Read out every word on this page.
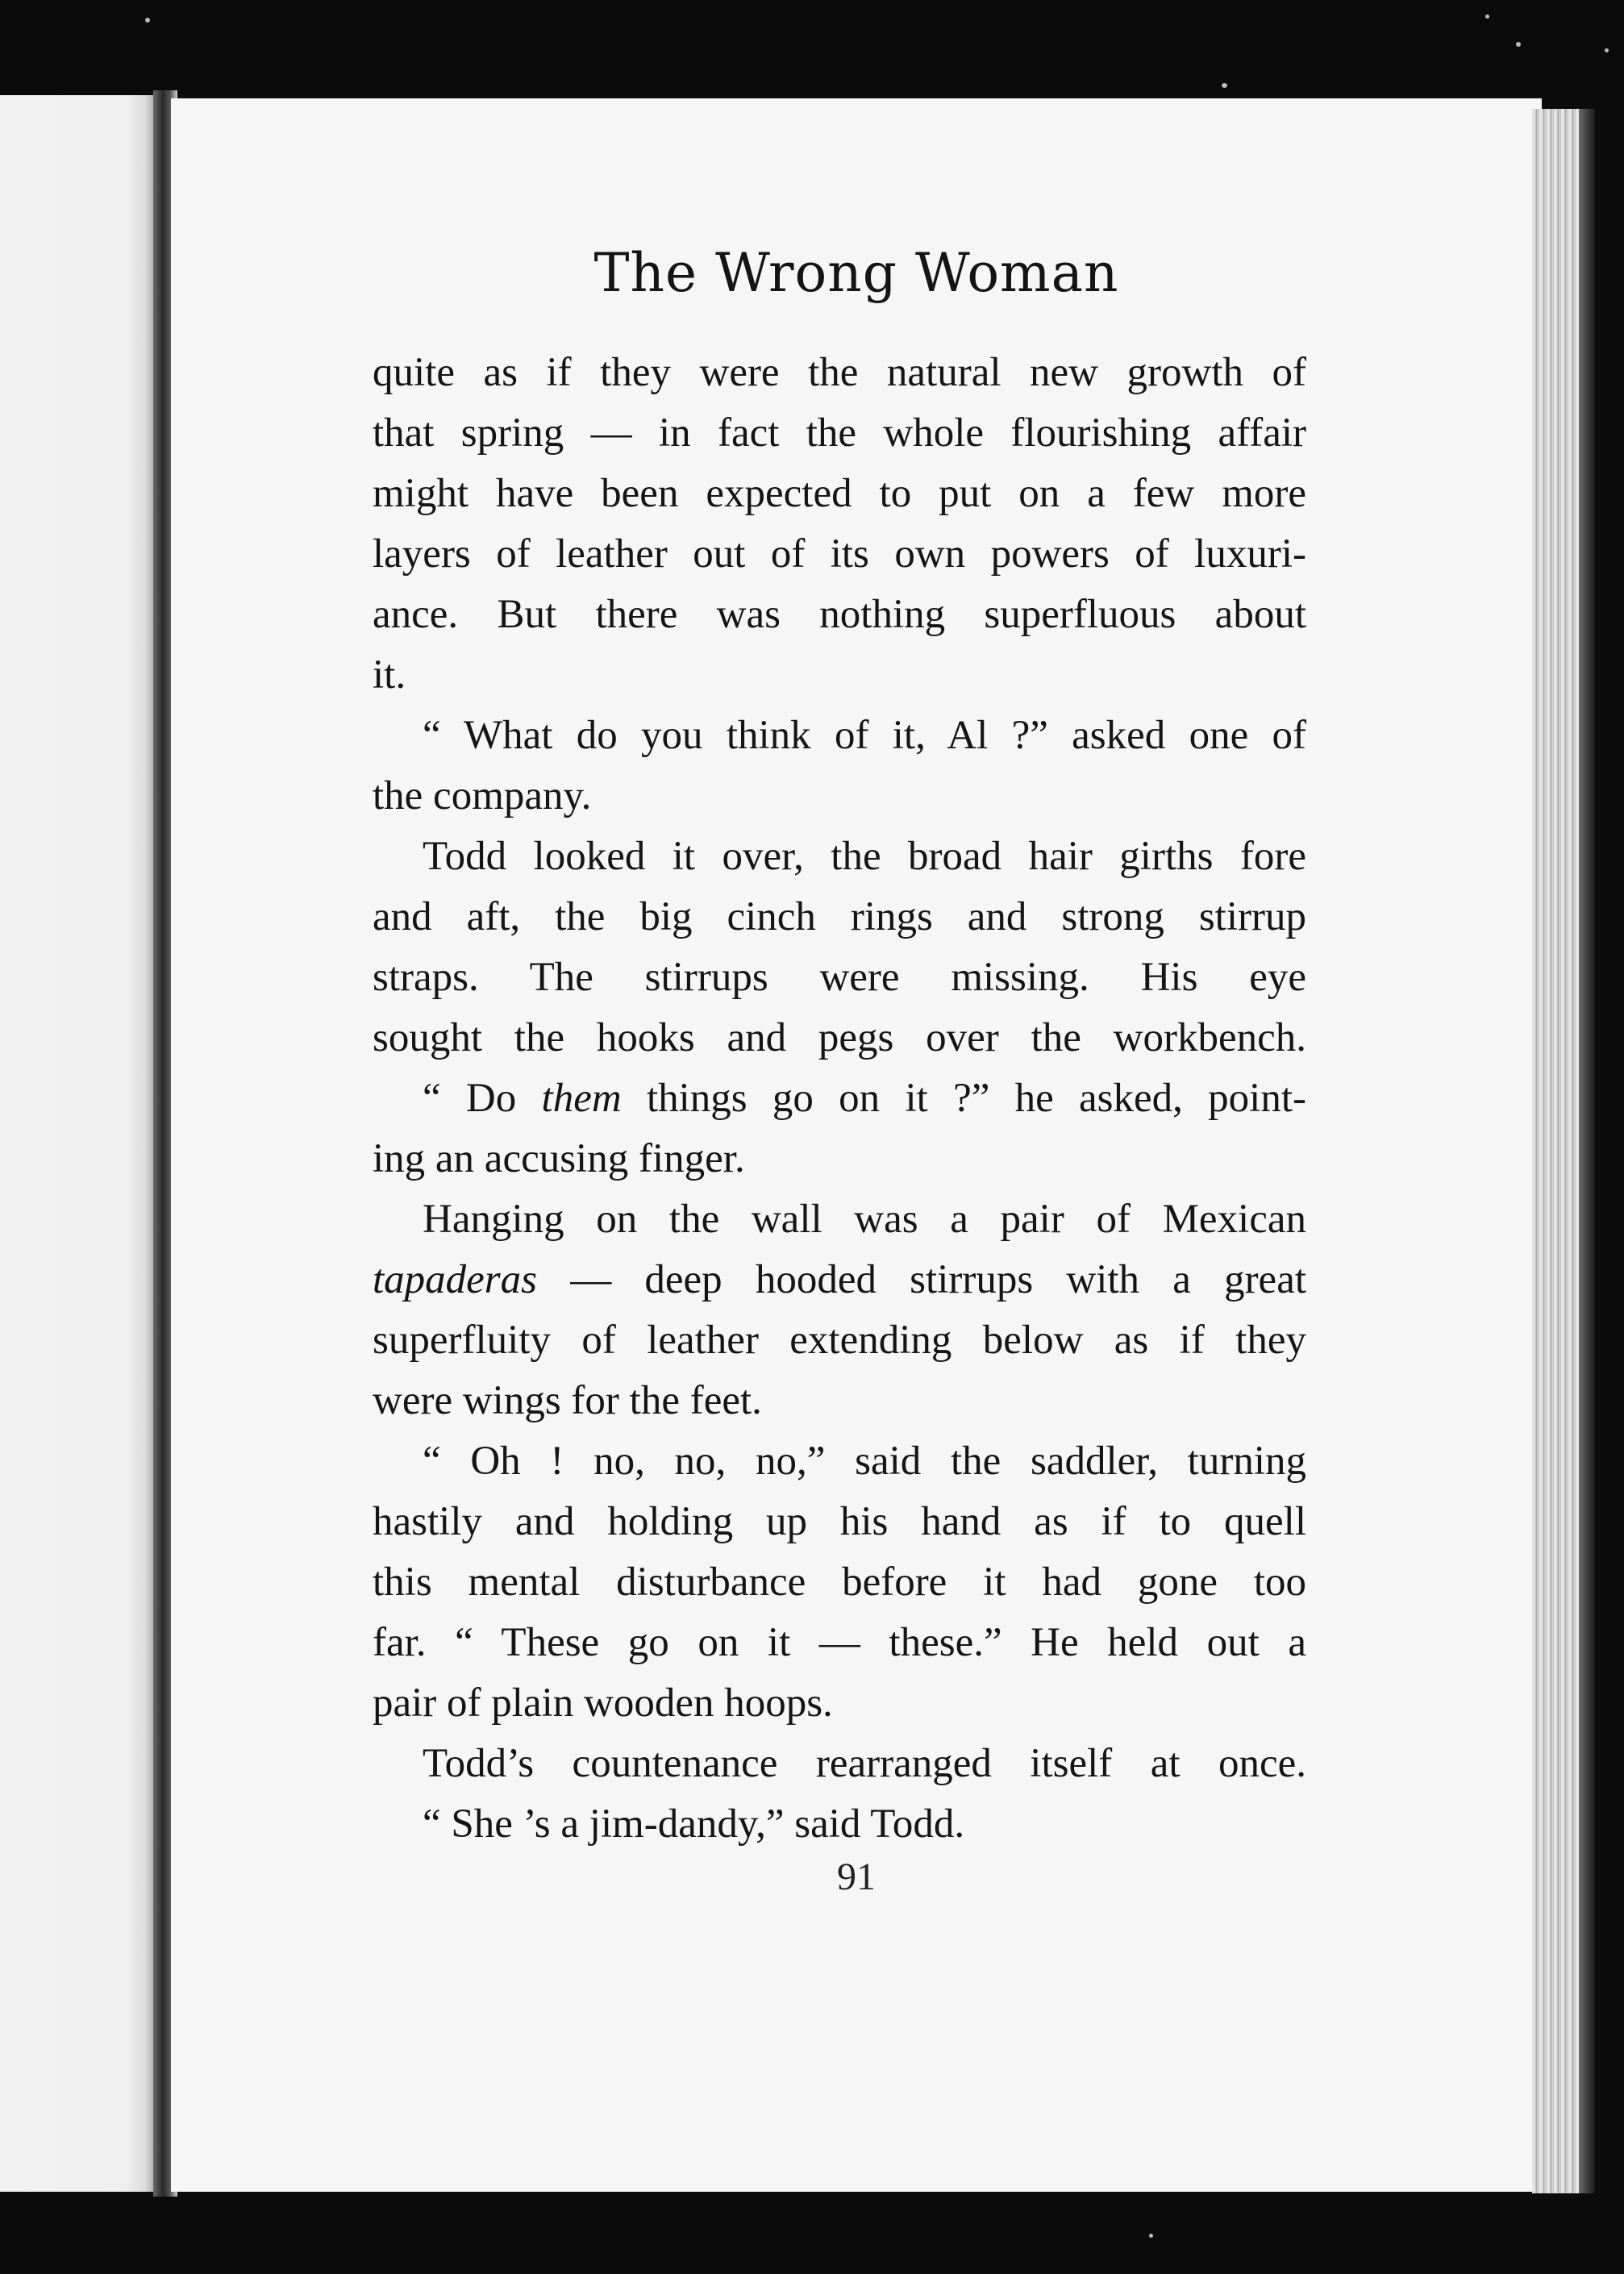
The Wrong Woman
quite as if they were the natural new growth of
that spring — in fact the whole flourishing affair
might have been expected to put on a few more
layers of leather out of its own powers of luxuri-
ance. But there was nothing superfluous about
it.
“ What do you think of it, Al ?” asked one of
the company.
Todd looked it over, the broad hair girths fore
and aft, the big cinch rings and strong stirrup
straps. The stirrups were missing. His eye
sought the hooks and pegs over the workbench.
“ Do them things go on it ?” he asked, point-
ing an accusing finger.
Hanging on the wall was a pair of Mexican
tapaderas — deep hooded stirrups with a great
superfluity of leather extending below as if they
were wings for the feet.
“ Oh ! no, no, no,” said the saddler, turning
hastily and holding up his hand as if to quell
this mental disturbance before it had gone too
far. “ These go on it — these.” He held out a
pair of plain wooden hoops.
Todd’s countenance rearranged itself at once.
“ She ’s a jim-dandy,” said Todd.
91
